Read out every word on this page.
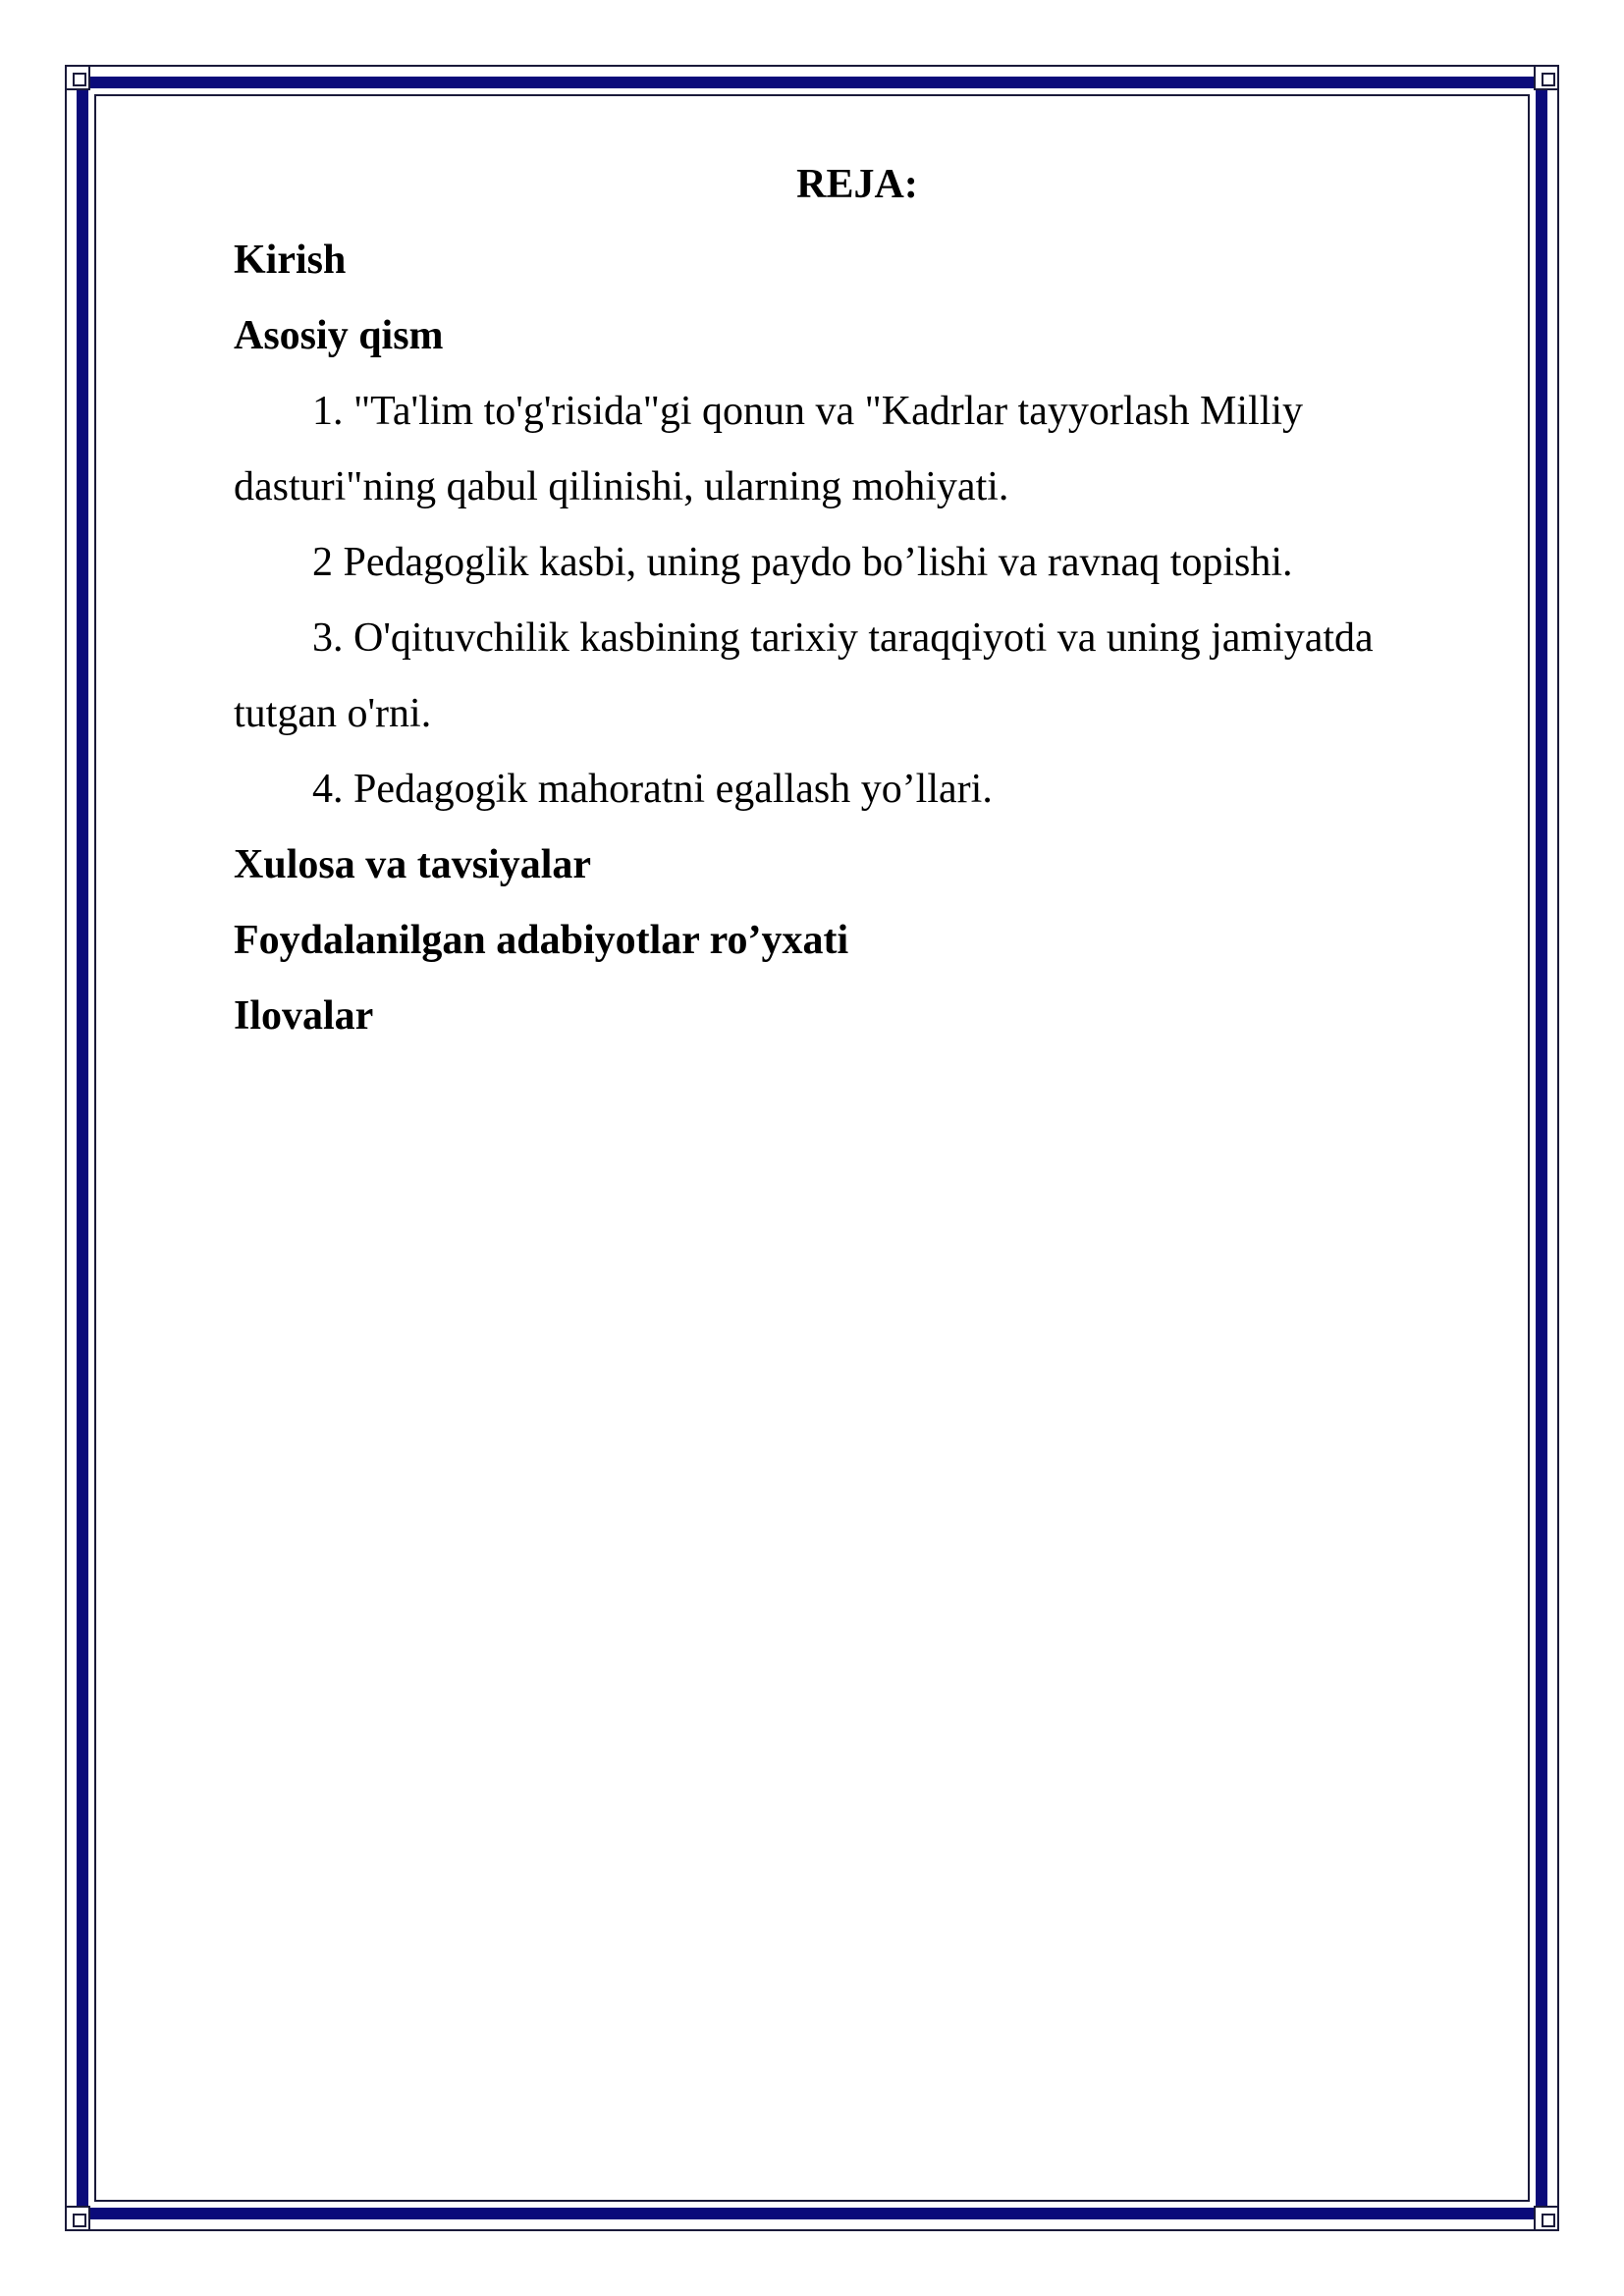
REJA:

Kirish

Asosiy qism

1. "Ta'lim to'g'risida"gi qonun va "Kadrlar tayyorlash Milliy dasturi"ning qabul qilinishi, ularning mohiyati.

2 Pedagoglik kasbi, uning paydo bo’lishi va ravnaq topishi.

3. O'qituvchilik kasbining tarixiy taraqqiyoti va uning jamiyatda tutgan o'rni.

4. Pedagogik mahoratni egallash yo’llari.

Xulosa va tavsiyalar

Foydalanilgan adabiyotlar ro’yxati

Ilovalar
